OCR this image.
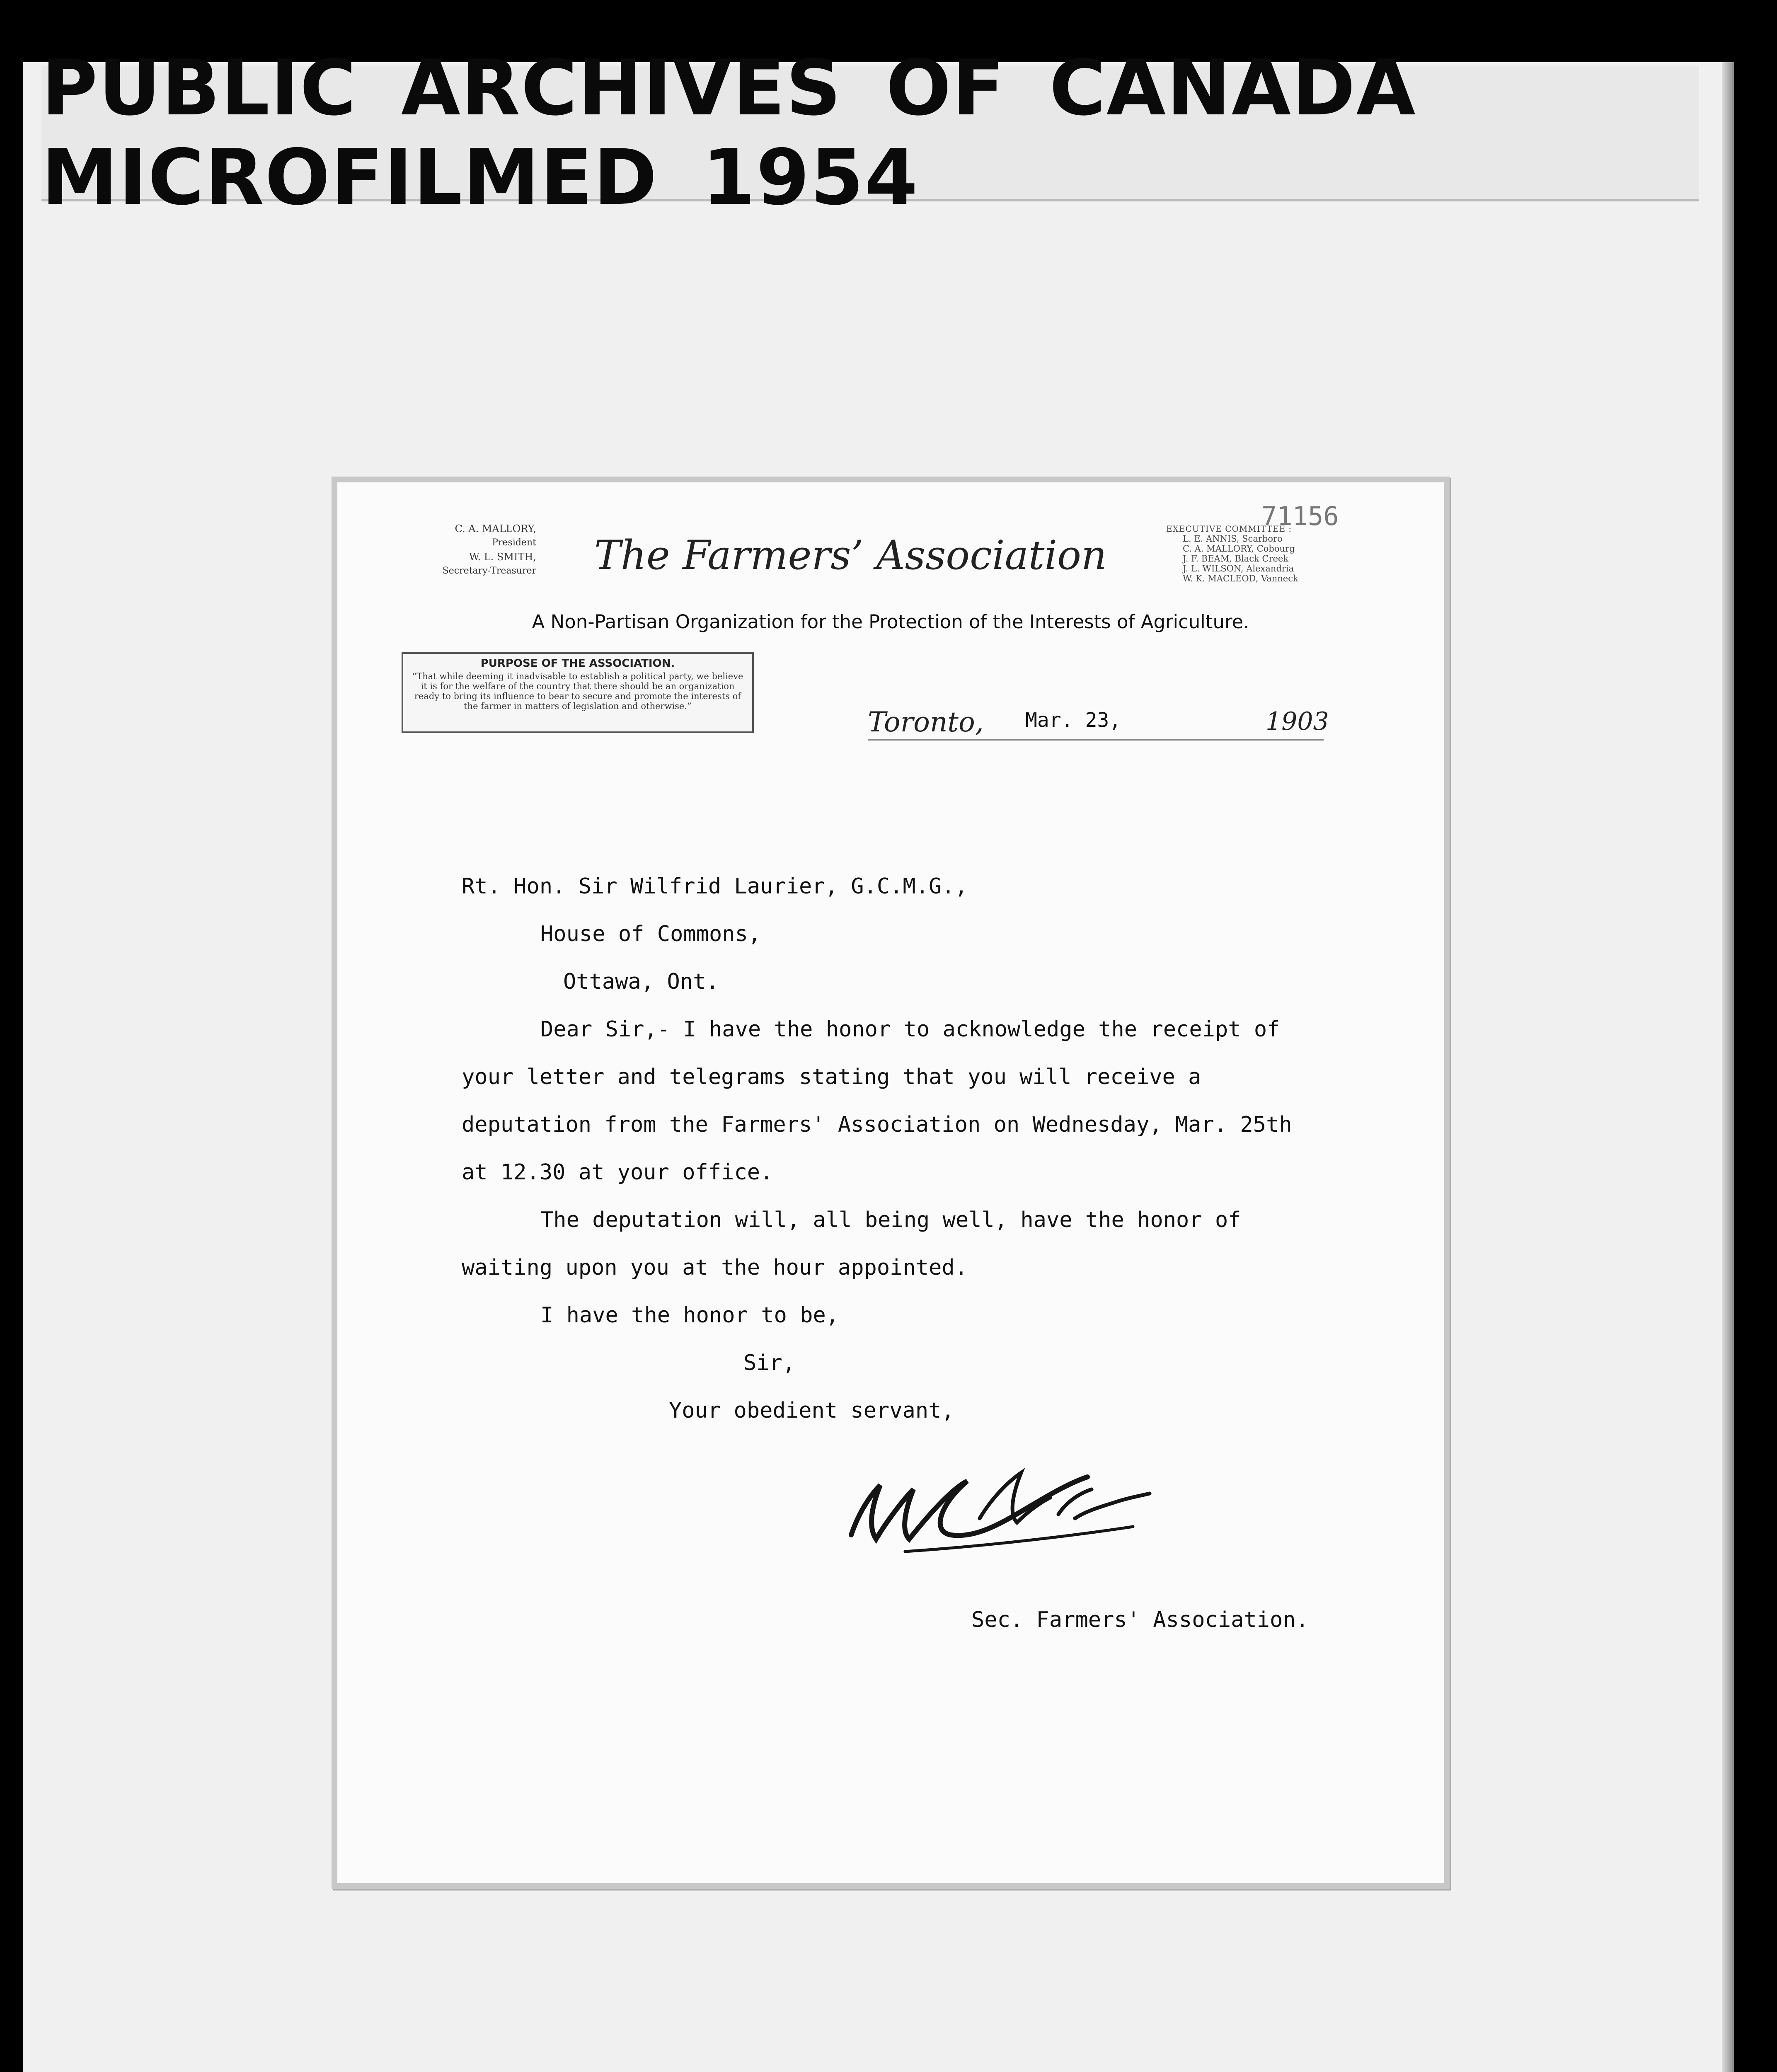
PUBLIC ARCHIVES OF CANADA MICROFILMED 1954
71156
C. A. MALLORY,
President
W. L. SMITH,
Secretary-Treasurer The Farmers’ Association
EXECUTIVE COMMITTEE :
L. E. ANNIS, Scarboro
C. A. MALLORY, Cobourg
J. F. BEAM, Black Creek
J. L. WILSON, Alexandria
W. K. MACLEOD, Vanneck
A Non-Partisan Organization for the Protection of the Interests of Agriculture.
PURPOSE OF THE ASSOCIATION.
“That while deeming it inadvisable to establish a political party, we believe it is for the welfare of the country that there should be an organization ready to bring its influence to bear to secure and promote the interests of the farmer in matters of legislation and otherwise.”	Toronto, Mar. 23,	1903
Rt. Hon. Sir Wilfrid Laurier, G.C.M.G.,
House of Commons,
Ottawa, Ont.
Dear Sir,- I have the honor to acknowledge the receipt of
your letter and telegrams stating that you will receive a
deputation from the Farmers' Association on Wednesday, Mar. 25th
at 12.30 at your office.
The deputation will, all being well, have the honor of
waiting upon you at the hour appointed.
I have the honor to be,
Sir,
Your obedient servant,
Sec. Farmers' Association.
